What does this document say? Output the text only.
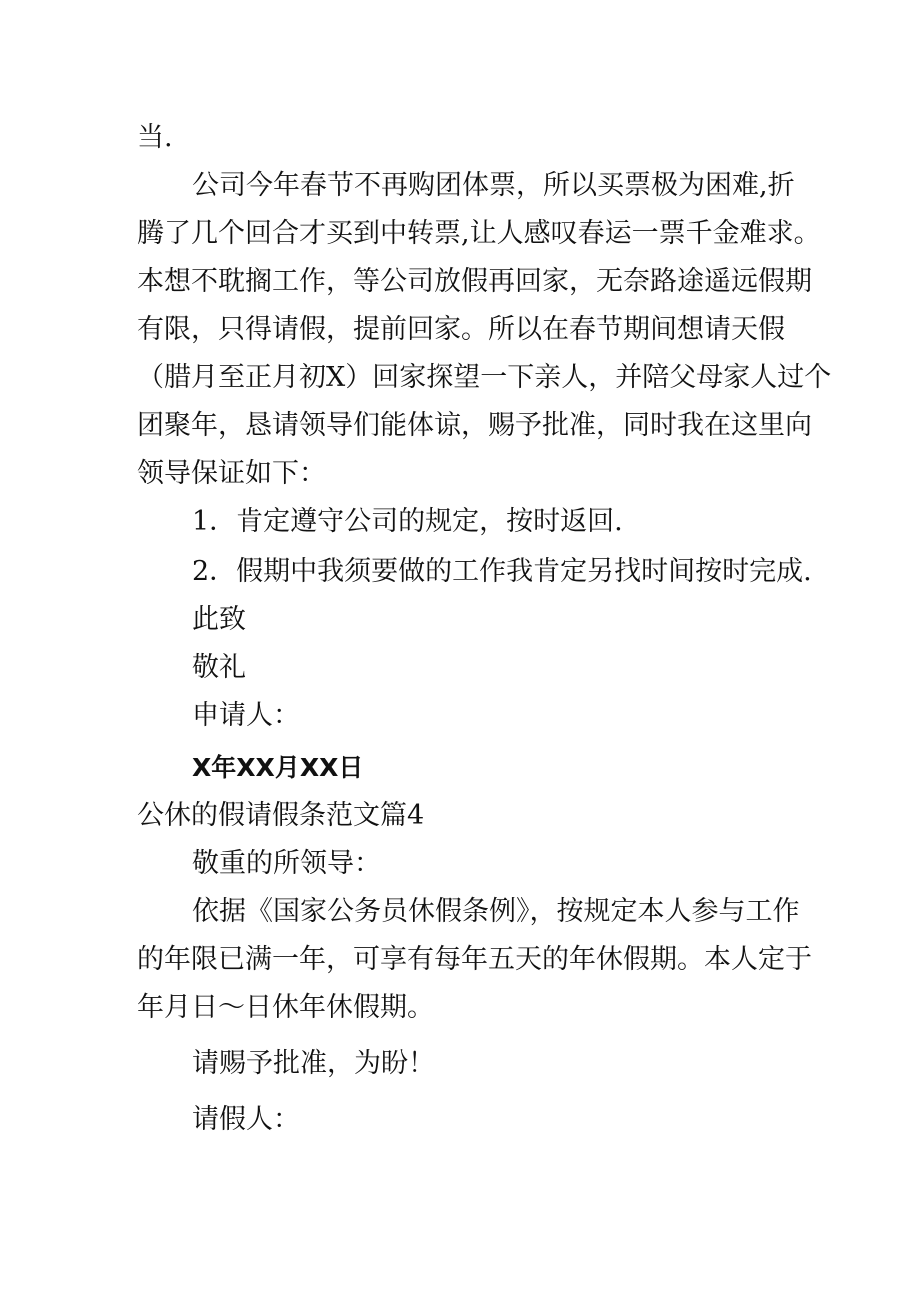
当.
公司今年春节不再购团体票，所以买票极为困难,折
腾了几个回合才买到中转票,让人感叹春运一票千金难求。
本想不耽搁工作，等公司放假再回家，无奈路途遥远假期
有限，只得请假，提前回家。所以在春节期间想请天假
（腊月至正月初X）回家探望一下亲人，并陪父母家人过个
团聚年，恳请领导们能体谅，赐予批准，同时我在这里向
领导保证如下：
1．肯定遵守公司的规定，按时返回.
2．假期中我须要做的工作我肯定另找时间按时完成.
此致
敬礼
申请人：
X年XX月XX日
公休的假请假条范文篇4
敬重的所领导：
依据《国家公务员休假条例》，按规定本人参与工作
的年限已满一年，可享有每年五天的年休假期。本人定于
年月日～日休年休假期。
请赐予批准，为盼！
请假人：
